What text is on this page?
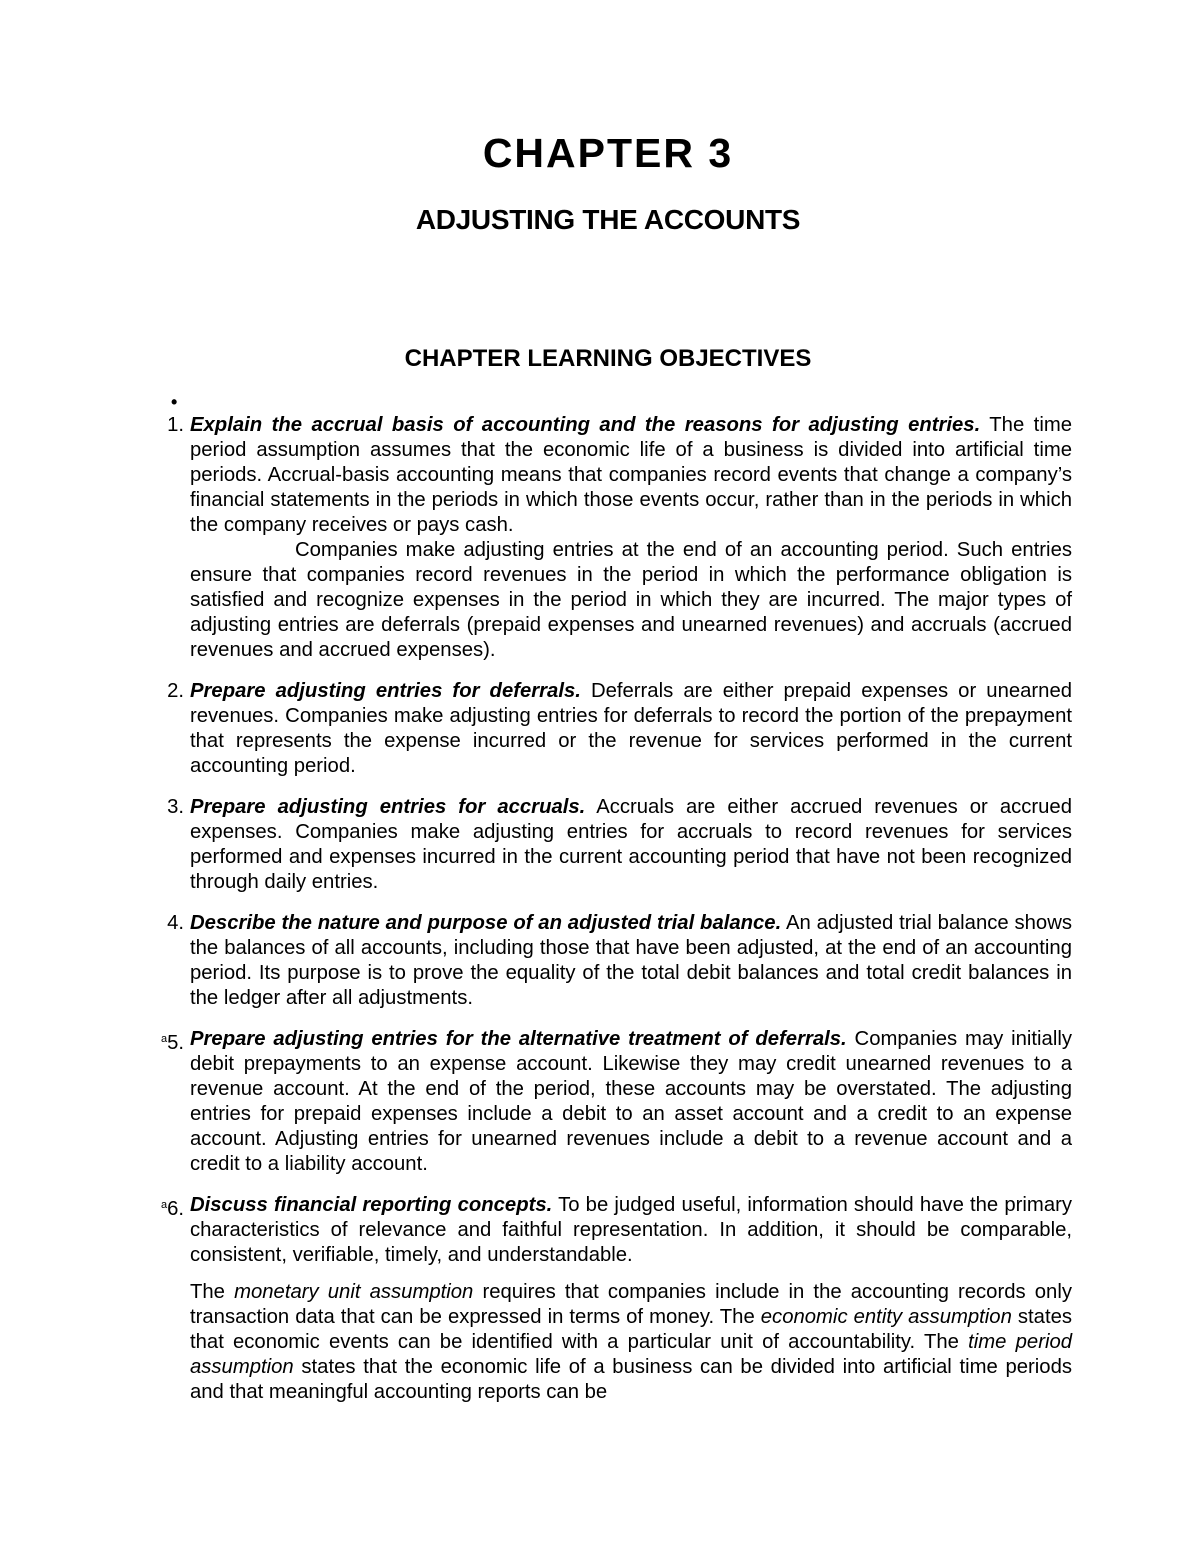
CHAPTER 3
ADJUSTING THE ACCOUNTS
CHAPTER LEARNING OBJECTIVES
•
1. Explain the accrual basis of accounting and the reasons for adjusting entries. The time period assumption assumes that the economic life of a business is divided into artificial time periods. Accrual-basis accounting means that companies record events that change a company’s financial statements in the periods in which those events occur, rather than in the periods in which the company receives or pays cash.
Companies make adjusting entries at the end of an accounting period. Such entries ensure that companies record revenues in the period in which the performance obligation is satisfied and recognize expenses in the period in which they are incurred. The major types of adjusting entries are deferrals (prepaid expenses and unearned revenues) and accruals (accrued revenues and accrued expenses).
2. Prepare adjusting entries for deferrals. Deferrals are either prepaid expenses or unearned revenues. Companies make adjusting entries for deferrals to record the portion of the prepayment that represents the expense incurred or the revenue for services performed in the current accounting period.
3. Prepare adjusting entries for accruals. Accruals are either accrued revenues or accrued expenses. Companies make adjusting entries for accruals to record revenues for services performed and expenses incurred in the current accounting period that have not been recognized through daily entries.
4. Describe the nature and purpose of an adjusted trial balance. An adjusted trial balance shows the balances of all accounts, including those that have been adjusted, at the end of an accounting period. Its purpose is to prove the equality of the total debit balances and total credit balances in the ledger after all adjustments.
$^a$5. Prepare adjusting entries for the alternative treatment of deferrals. Companies may initially debit prepayments to an expense account. Likewise they may credit unearned revenues to a revenue account. At the end of the period, these accounts may be overstated. The adjusting entries for prepaid expenses include a debit to an asset account and a credit to an expense account. Adjusting entries for unearned revenues include a debit to a revenue account and a credit to a liability account.
$^a$6. Discuss financial reporting concepts. To be judged useful, information should have the primary characteristics of relevance and faithful representation. In addition, it should be comparable, consistent, verifiable, timely, and understandable.
The monetary unit assumption requires that companies include in the accounting records only transaction data that can be expressed in terms of money. The economic entity assumption states that economic events can be identified with a particular unit of accountability. The time period assumption states that the economic life of a business can be divided into artificial time periods and that meaningful accounting reports can be
